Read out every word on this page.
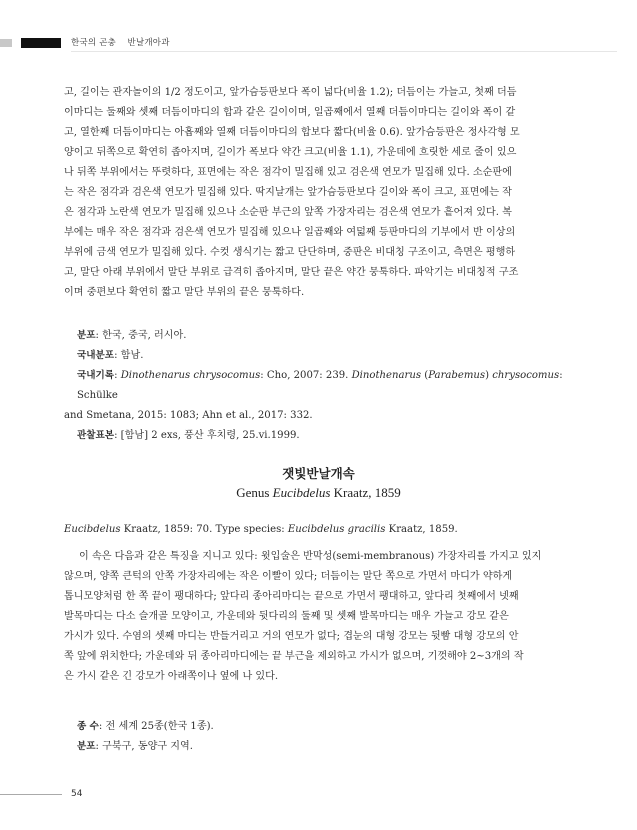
한국의 곤충 　반날개아과

고, 길이는 관자놀이의 1/2 정도이고, 앞가슴등판보다 폭이 넓다(비율 1.2); 더듬이는 가늘고, 첫째 더듬

이마디는 둘째와 셋째 더듬이마디의 합과 같은 길이이며, 일곱째에서 열째 더듬이마디는 길이와 폭이 같

고, 열한째 더듬이마디는 아홉째와 열째 더듬이마디의 합보다 짧다(비율 0.6). 앞가슴등판은 정사각형 모

양이고 뒤쪽으로 확연히 좁아지며, 길이가 폭보다 약간 크고(비율 1.1), 가운데에 흐릿한 세로 줄이 있으

나 뒤쪽 부위에서는 뚜렷하다, 표면에는 작은 점각이 밀집해 있고 검은색 연모가 밀집해 있다. 소순판에

는 작은 점각과 검은색 연모가 밀집해 있다. 딱지날개는 앞가슴등판보다 길이와 폭이 크고, 표면에는 작

은 점각과 노란색 연모가 밀집해 있으나 소순판 부근의 앞쪽 가장자리는 검은색 연모가 흩어져 있다. 복

부에는 매우 작은 점각과 검은색 연모가 밀집해 있으나 일곱째와 여덟째 등판마디의 기부에서 반 이상의

부위에 금색 연모가 밀집해 있다. 수컷 생식기는 짧고 단단하며, 중판은 비대칭 구조이고, 측면은 평행하

고, 말단 아래 부위에서 말단 부위로 급격히 좁아지며, 말단 끝은 약간 뭉툭하다. 파악기는 비대칭적 구조

이며 중편보다 확연히 짧고 말단 부위의 끝은 뭉툭하다.

분포: 한국, 중국, 러시아.

국내분포: 함남.

국내기록: Dinothenarus chrysocomus: Cho, 2007: 239. Dinothenarus (Parabemus) chrysocomus: Schülke

and Smetana, 2015: 1083; Ahn et al., 2017: 332.

관찰표본: [함남] 2 exs, 풍산 후치령, 25.vi.1999.

잿빛반날개속
Genus Eucibdelus Kraatz, 1859

Eucibdelus Kraatz, 1859: 70. Type species: Eucibdelus gracilis Kraatz, 1859.

이 속은 다음과 같은 특징을 지니고 있다: 윗입술은 반막성(semi-membranous) 가장자리를 가지고 있지

않으며, 양쪽 큰턱의 안쪽 가장자리에는 작은 이빨이 있다; 더듬이는 말단 쪽으로 가면서 마디가 약하게

톱니모양처럼 한 쪽 끝이 팽대하다; 앞다리 종아리마디는 끝으로 가면서 팽대하고, 앞다리 첫째에서 넷째

발목마디는 다소 슬개골 모양이고, 가운데와 뒷다리의 둘째 및 셋째 발목마디는 매우 가늘고 강모 같은

가시가 있다. 수염의 셋째 마디는 반들거리고 거의 연모가 없다; 겹눈의 대형 강모는 뒷빰 대형 강모의 안

쪽 앞에 위치한다; 가운데와 뒤 종아리마디에는 끝 부근을 제외하고 가시가 없으며, 기껏해야 2~3개의 작

은 가시 같은 긴 강모가 아래쪽이나 옆에 나 있다.

종 수: 전 세계 25종(한국 1종).

분포: 구북구, 동양구 지역.

54
